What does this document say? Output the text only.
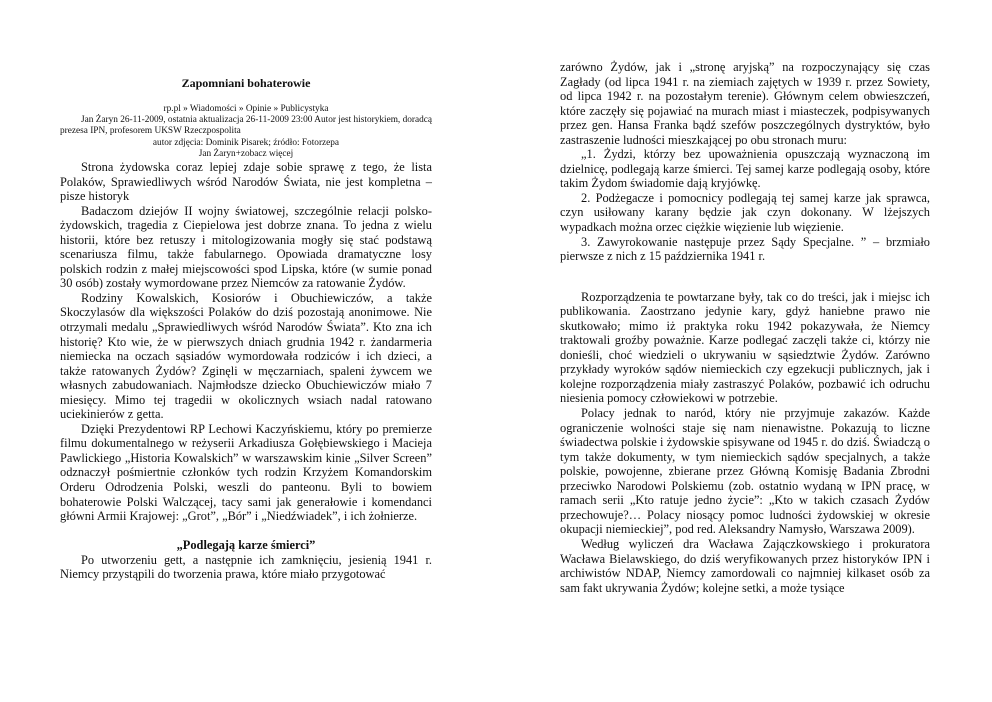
Zapomniani bohaterowie
rp.pl » Wiadomości » Opinie » Publicystyka
Jan Żaryn 26-11-2009, ostatnia aktualizacja 26-11-2009 23:00 Autor jest historykiem, doradcą prezesa IPN, profesorem UKSW Rzeczpospolita
autor zdjęcia: Dominik Pisarek; źródło: Fotorzepa
Jan Żaryn+zobacz więcej

Strona żydowska coraz lepiej zdaje sobie sprawę z tego, że lista Polaków, Sprawiedliwych wśród Narodów Świata, nie jest kompletna – pisze historyk

Badaczom dziejów II wojny światowej, szczególnie relacji polsko-żydowskich, tragedia z Ciepielowa jest dobrze znana. To jedna z wielu historii, które bez retuszy i mitologizowania mogły się stać podstawą scenariusza filmu, także fabularnego. Opowiada dramatyczne losy polskich rodzin z małej miejscowości spod Lipska, które (w sumie ponad 30 osób) zostały wymordowane przez Niemców za ratowanie Żydów.

Rodziny Kowalskich, Kosiorów i Obuchiewiczów, a także Skoczylasów dla większości Polaków do dziś pozostają anonimowe. Nie otrzymali medalu „Sprawiedliwych wśród Narodów Świata”. Kto zna ich historię? Kto wie, że w pierwszych dniach grudnia 1942 r. żandarmeria niemiecka na oczach sąsiadów wymordowała rodziców i ich dzieci, a także ratowanych Żydów? Zginęli w męczarniach, spaleni żywcem we własnych zabudowaniach. Najmłodsze dziecko Obuchiewiczów miało 7 miesięcy. Mimo tej tragedii w okolicznych wsiach nadal ratowano uciekinierów z getta.

Dzięki Prezydentowi RP Lechowi Kaczyńskiemu, który po premierze filmu dokumentalnego w reżyserii Arkadiusza Gołębiewskiego i Macieja Pawlickiego „Historia Kowalskich” w warszawskim kinie „Silver Screen” odznaczył pośmiertnie członków tych rodzin Krzyżem Komandorskim Orderu Odrodzenia Polski, weszli do panteonu. Byli to bowiem bohaterowie Polski Walczącej, tacy sami jak generałowie i komendanci główni Armii Krajowej: „Grot”, „Bór” i „Niedźwiadek”, i ich żołnierze.

„Podlegają karze śmierci”

Po utworzeniu gett, a następnie ich zamknięciu, jesienią 1941 r. Niemcy przystąpili do tworzenia prawa, które miało przygotować

zarówno Żydów, jak i „stronę aryjską” na rozpoczynający się czas Zagłady (od lipca 1941 r. na ziemiach zajętych w 1939 r. przez Sowiety, od lipca 1942 r. na pozostałym terenie). Głównym celem obwieszczeń, które zaczęły się pojawiać na murach miast i miasteczek, podpisywanych przez gen. Hansa Franka bądź szefów poszczególnych dystryktów, było zastraszenie ludności mieszkającej po obu stronach muru:

„1. Żydzi, którzy bez upoważnienia opuszczają wyznaczoną im dzielnicę, podlegają karze śmierci. Tej samej karze podlegają osoby, które takim Żydom świadomie dają kryjówkę.

2. Podżegacze i pomocnicy podlegają tej samej karze jak sprawca, czyn usiłowany karany będzie jak czyn dokonany. W lżejszych wypadkach można orzec ciężkie więzienie lub więzienie.

3. Zawyrokowanie następuje przez Sądy Specjalne. ” – brzmiało pierwsze z nich z 15 października 1941 r.

Rozporządzenia te powtarzane były, tak co do treści, jak i miejsc ich publikowania. Zaostrzano jedynie kary, gdyż haniebne prawo nie skutkowało; mimo iż praktyka roku 1942 pokazywała, że Niemcy traktowali groźby poważnie. Karze podlegać zaczęli także ci, którzy nie donieśli, choć wiedzieli o ukrywaniu w sąsiedztwie Żydów. Zarówno przykłady wyroków sądów niemieckich czy egzekucji publicznych, jak i kolejne rozporządzenia miały zastraszyć Polaków, pozbawić ich odruchu niesienia pomocy człowiekowi w potrzebie.

Polacy jednak to naród, który nie przyjmuje zakazów. Każde ograniczenie wolności staje się nam nienawistne. Pokazują to liczne świadectwa polskie i żydowskie spisywane od 1945 r. do dziś. Świadczą o tym także dokumenty, w tym niemieckich sądów specjalnych, a także polskie, powojenne, zbierane przez Główną Komisję Badania Zbrodni przeciwko Narodowi Polskiemu (zob. ostatnio wydaną w IPN pracę, w ramach serii „Kto ratuje jedno życie”: „Kto w takich czasach Żydów przechowuje?… Polacy niosący pomoc ludności żydowskiej w okresie okupacji niemieckiej”, pod red. Aleksandry Namysło, Warszawa 2009).

Według wyliczeń dra Wacława Zajączkowskiego i prokuratora Wacława Bielawskiego, do dziś weryfikowanych przez historyków IPN i archiwistów NDAP, Niemcy zamordowali co najmniej kilkaset osób za sam fakt ukrywania Żydów; kolejne setki, a może tysiące
